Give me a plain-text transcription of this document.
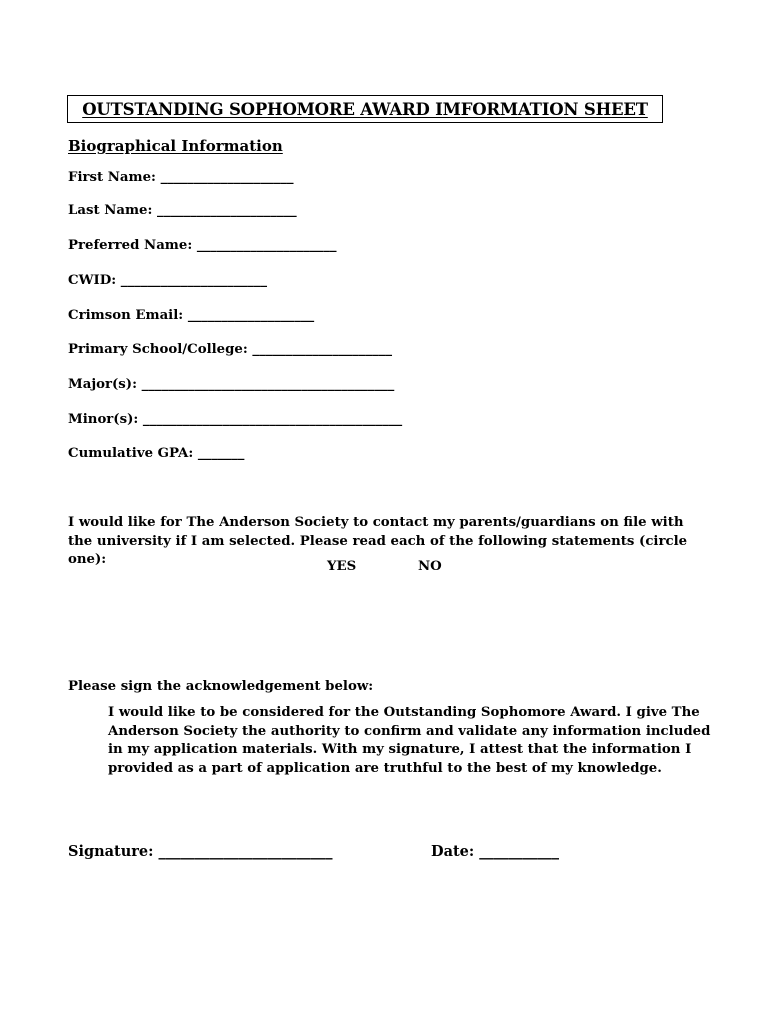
OUTSTANDING SOPHOMORE AWARD IMFORMATION SHEET
Biographical Information
First Name: ____________________
Last Name: _____________________
Preferred Name: _____________________
CWID: ______________________
Crimson Email: ___________________
Primary School/College: _____________________
Major(s): ______________________________________
Minor(s): _______________________________________
Cumulative GPA: _______
I would like for The Anderson Society to contact my parents/guardians on file with the university if I am selected. Please read each of the following statements (circle one):	YES	NO
Please sign the acknowledgement below:
I would like to be considered for the Outstanding Sophomore Award. I give The Anderson Society the authority to confirm and validate any information included in my application materials. With my signature, I attest that the information I provided as a part of application are truthful to the best of my knowledge.
Signature: ________________________	Date: ___________
